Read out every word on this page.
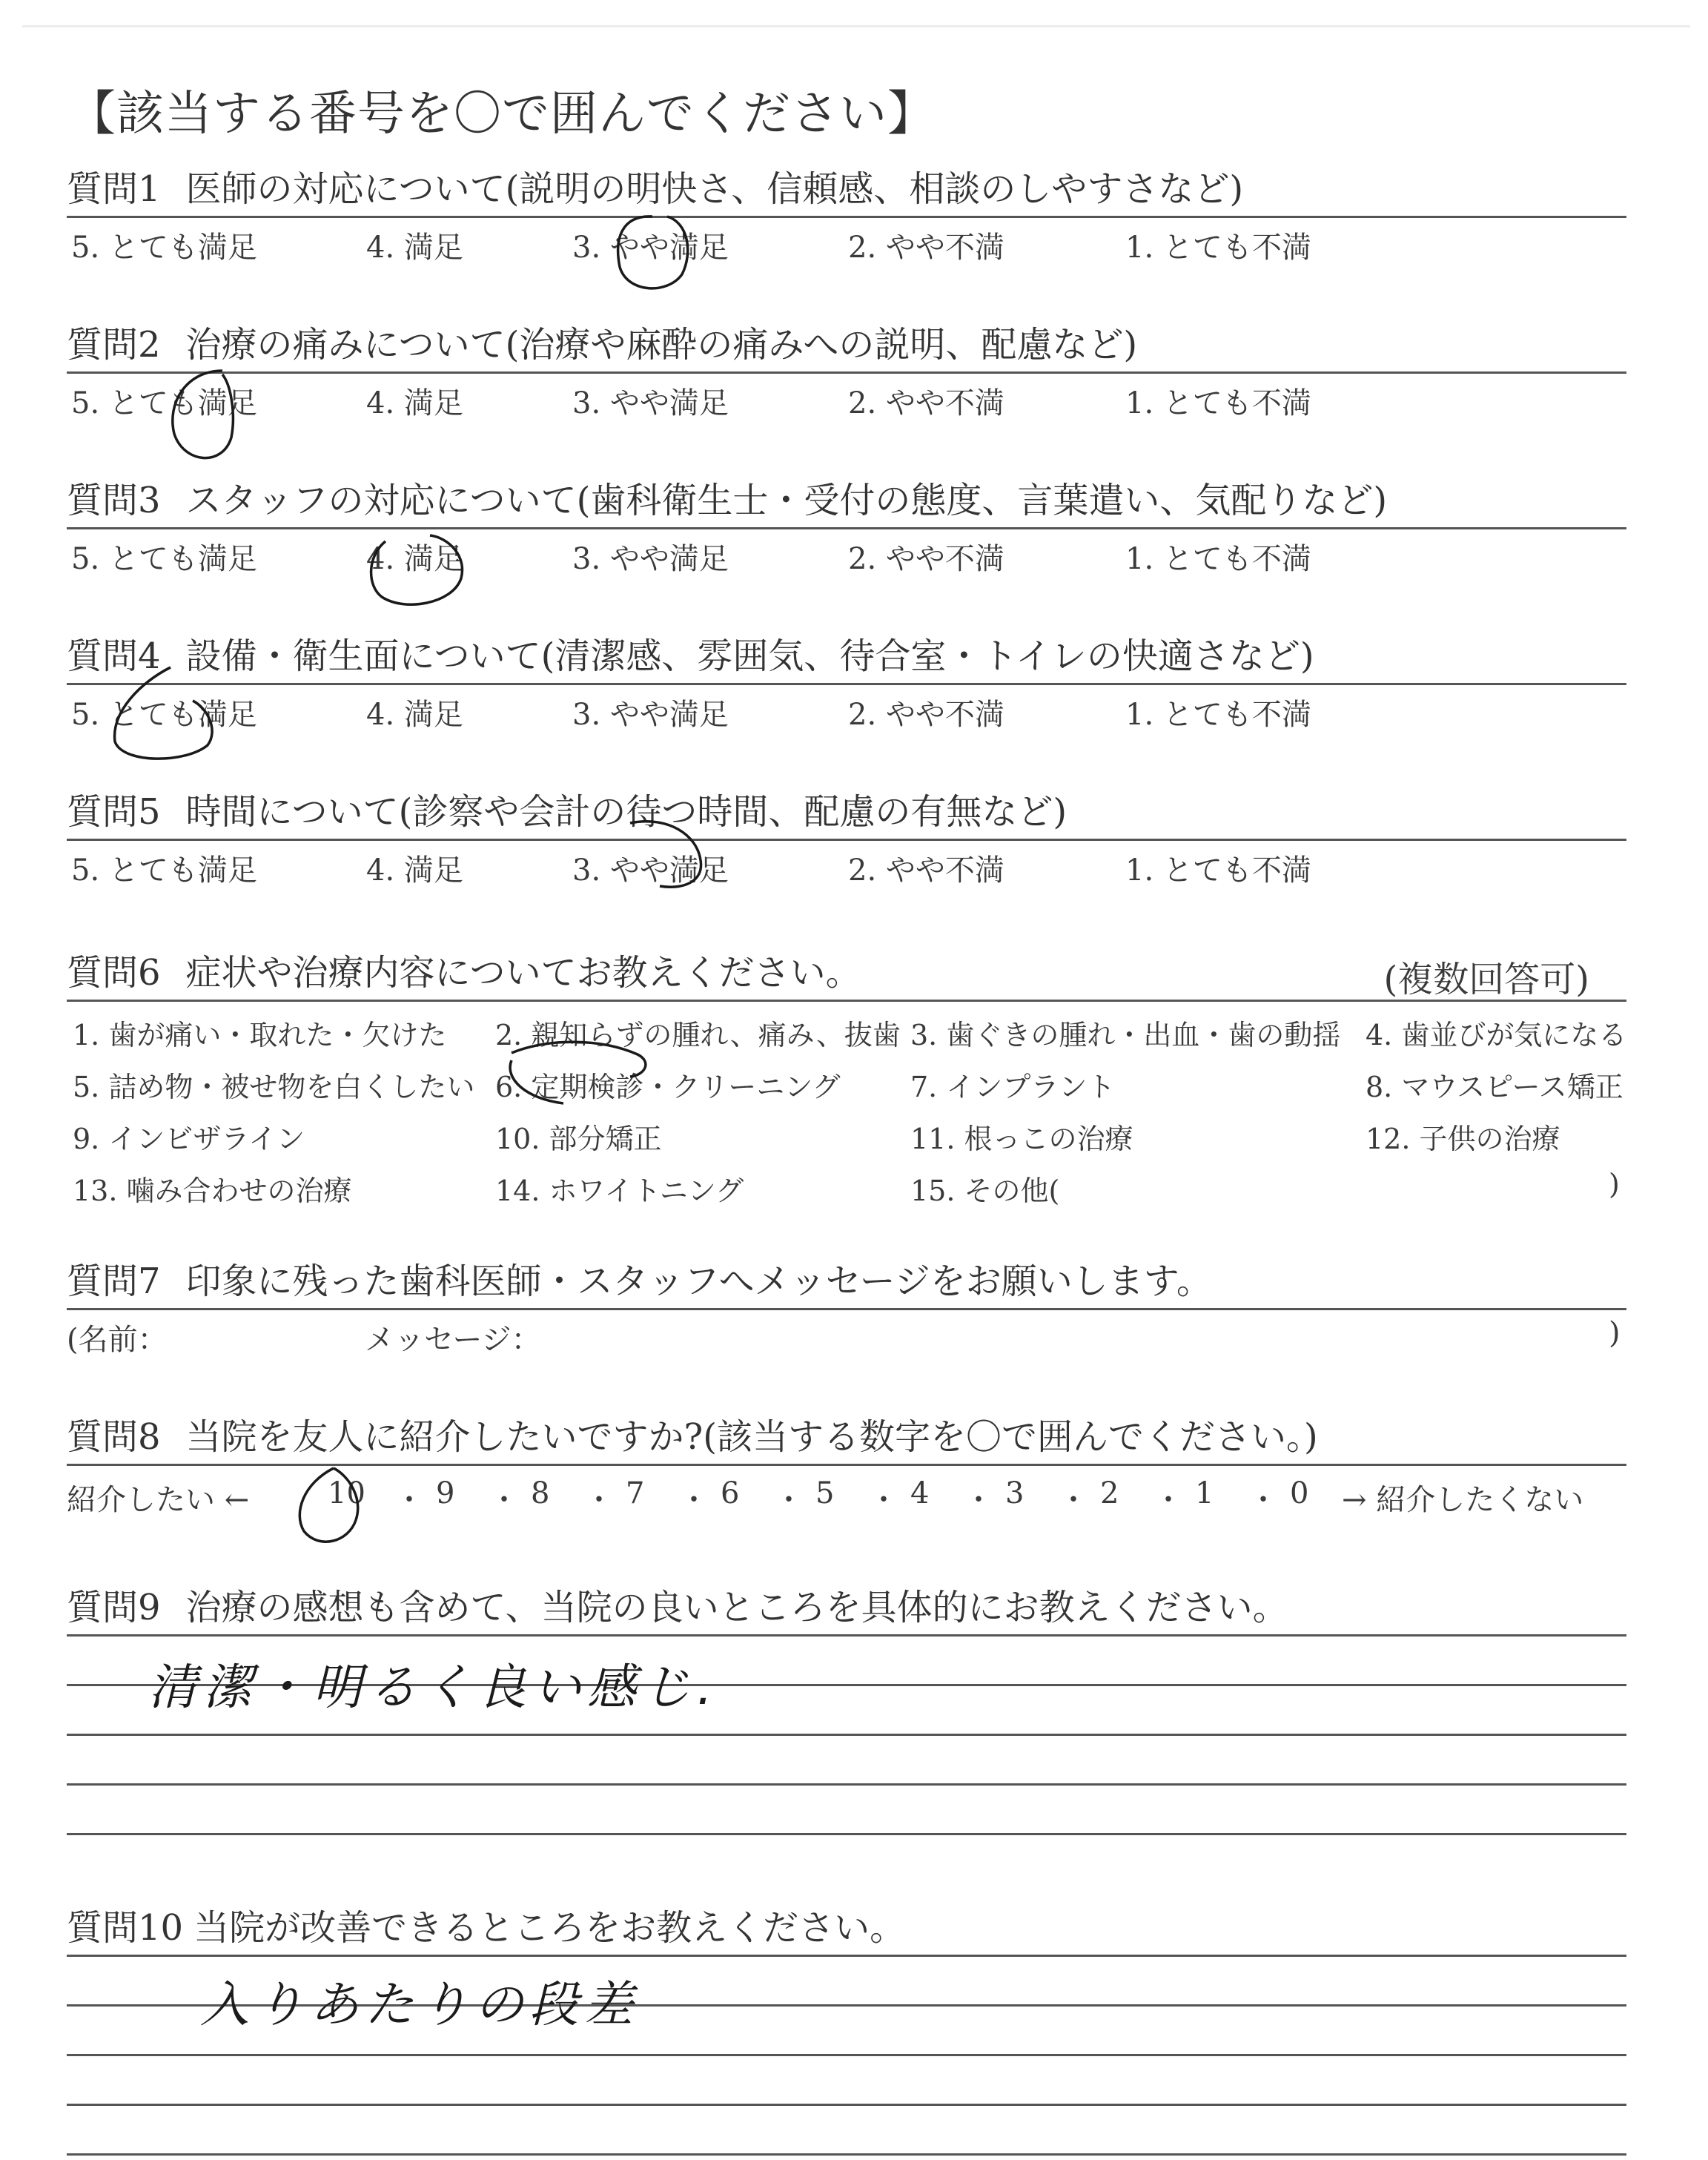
【該当する番号を〇で囲んでください】
質問1 医師の対応について(説明の明快さ、信頼感、相談のしやすさなど)
5. とても満足	4. 満足	3. やや満足	2. やや不満	1. とても不満
質問2 治療の痛みについて(治療や麻酔の痛みへの説明、配慮など)
5. とても満足	4. 満足	3. やや満足	2. やや不満	1. とても不満
質問3 スタッフの対応について(歯科衛生士・受付の態度、言葉遣い、気配りなど)
5. とても満足	4. 満足	3. やや満足	2. やや不満	1. とても不満
質問4 設備・衛生面について(清潔感、雰囲気、待合室・トイレの快適さなど)
5. とても満足	4. 満足	3. やや満足	2. やや不満	1. とても不満
質問5 時間について(診察や会計の待つ時間、配慮の有無など)
5. とても満足	4. 満足	3. やや満足	2. やや不満	1. とても不満
質問6 症状や治療内容についてお教えください。	(複数回答可)
1. 歯が痛い・取れた・欠けた 2. 親知らずの腫れ、痛み、抜歯 3. 歯ぐきの腫れ・出血・歯の動揺 4. 歯並びが気になる
5. 詰め物・被せ物を白くしたい 6. 定期検診・クリーニング 7. インプラント	8. マウスピース矯正
9. インビザライン	10. 部分矯正	11. 根っこの治療	12. 子供の治療
13. 噛み合わせの治療	14. ホワイトニング	15. その他(	)
質問7 印象に残った歯科医師・スタッフへメッセージをお願いします。
(名前：	メッセージ：	)
質問8 当院を友人に紹介したいですか?(該当する数字を〇で囲んでください。)
紹介したい ←	10 ・ 9 ・ 8 ・ 7 ・ 6 ・ 5 ・ 4 ・ 3 ・ 2 ・ 1 ・ 0 → 紹介したくない
質問9 治療の感想も含めて、当院の良いところを具体的にお教えください。
清潔・明るく良い感じ.
質問10 当院が改善できるところをお教えください。
入りあたりの段差
